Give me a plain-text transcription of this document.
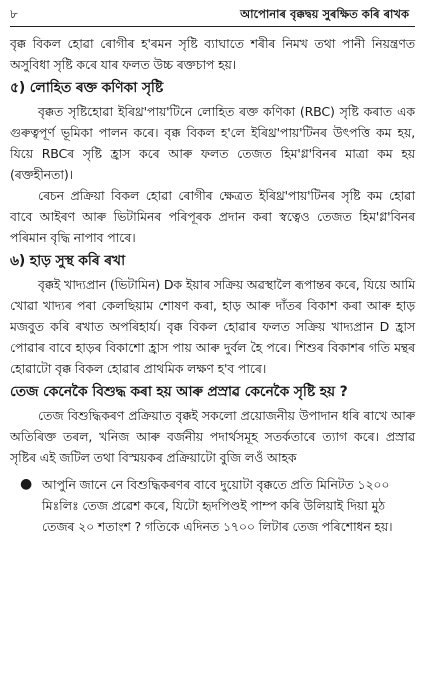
৮	আপোনাৰ বৃক্কদ্বয় সুৰক্ষিত কৰি ৰাখক

বৃক্ক বিকল হোৱা ৰোগীৰ হ'ৰমন সৃষ্টি ব্যাঘাতে শৰীৰ নিমখ তথা পানী নিয়ন্ত্ৰণত অসুবিধা সৃষ্টি কৰে যাৰ ফলত উচ্চ ৰক্তচাপ হয়।

৫) লোহিত ৰক্ত কণিকা সৃষ্টি

বৃক্কত সৃষ্টিহোৱা ইৰিথ্ৰ'পায়'টিনে লোহিত ৰক্ত কণিকা (RBC) সৃষ্টি কৰাত এক গুৰুত্বপূৰ্ণ ভূমিকা পালন কৰে। বৃক্ক বিকল হ'লে ইৰিথ্ৰ'পায়'টিনৰ উৎপত্তি কম হয়, যিয়ে RBCৰ সৃষ্টি হ্ৰাস কৰে আৰু ফলত তেজত হিম'গ্ল'বিনৰ মাত্ৰা কম হয় (ৰক্তহীনতা)।

ৰেচন প্ৰক্ৰিয়া বিকল হোৱা ৰোগীৰ ক্ষেত্ৰত ইৰিথ্ৰ'পায়'টিনৰ সৃষ্টি কম হোৱা বাবে আইৰণ আৰু ভিটামিনৰ পৰিপূৰক প্ৰদান কৰা স্বত্বেও তেজত হিম'গ্ল'বিনৰ পৰিমান বৃদ্ধি নাপাব পাৰে।

৬) হাড় সুস্থ কৰি ৰখা

বৃক্কই খাদ্যপ্ৰান (ভিটামিন) Dক ইয়াৰ সক্ৰিয় অৱস্থালৈ ৰূপান্তৰ কৰে, যিয়ে আমি খোৱা খাদ্যৰ পৰা কেলছিয়াম শোষণ কৰা, হাড় আৰু দাঁতৰ বিকাশ কৰা আৰু হাড় মজবুত কৰি ৰখাত অপৰিহাৰ্য। বৃক্ক বিকল হোৱাৰ ফলত সক্ৰিয় খাদ্যপ্ৰান D হ্ৰাস পোৱাৰ বাবে হাড়ৰ বিকাশো হ্ৰাস পায় আৰু দুৰ্বল হৈ পৰে। শিশুৰ বিকাশৰ গতি মন্থৰ হোৱাটো বৃক্ক বিকল হোৱাৰ প্ৰাথমিক লক্ষণ হ'ব পাৰে।

তেজ কেনেকৈ বিশুদ্ধ কৰা হয় আৰু প্ৰস্ৰাৱ কেনেকৈ সৃষ্টি হয় ?

তেজ বিশুদ্ধিকৰণ প্ৰক্ৰিয়াত বৃক্কই সকলো প্ৰয়োজনীয় উপাদান ধৰি ৰাখে আৰু অতিৰিক্ত তৰল, খনিজ আৰু বৰ্জনীয় পদাৰ্থসমূহ সতৰ্কতাৰে ত্যাগ কৰে। প্ৰস্ৰাৱ সৃষ্টিৰ এই জটিল তথা বিস্ময়কৰ প্ৰক্ৰিয়াটো বুজি লওঁ আহক

● আপুনি জানে নে বিশুদ্ধিকৰণৰ বাবে দুয়োটা বৃক্কতে প্ৰতি মিনিটত ১২০০ মিঃলিঃ তেজ প্ৰৱেশ কৰে, যিটো হৃদপিণ্ডই পাম্প কৰি উলিয়াই দিয়া মুঠ তেজৰ ২০ শতাংশ ? গতিকে এদিনত ১৭০০ লিটাৰ তেজ পৰিশোধন হয়।
